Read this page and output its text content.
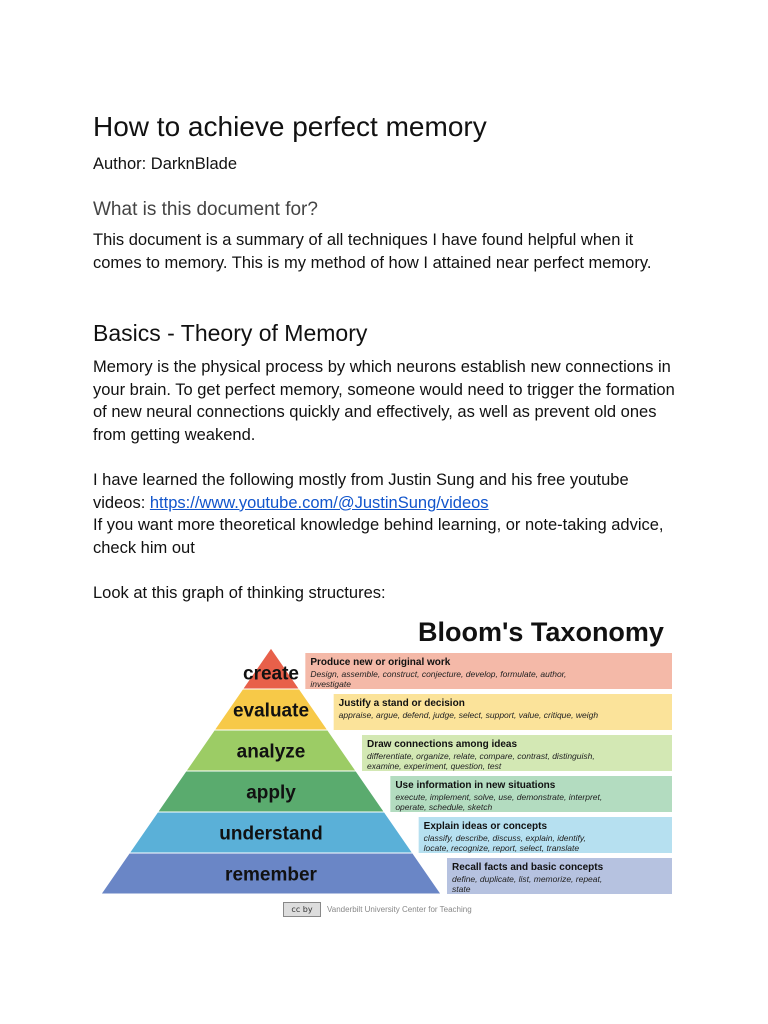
How to achieve perfect memory
Author: DarknBlade
What is this document for?

This document is a summary of all techniques I have found helpful when it comes to memory. This is my method of how I attained near perfect memory.

Basics - Theory of Memory

Memory is the physical process by which neurons establish new connections in your brain. To get perfect memory, someone would need to trigger the formation of new neural connections quickly and effectively, as well as prevent old ones from getting weakend.

I have learned the following mostly from Justin Sung and his free youtube videos: https://www.youtube.com/@JustinSung/videos
If you want more theoretical knowledge behind learning, or note-taking advice, check him out

Look at this graph of thinking structures:

Bloom's Taxonomy
create
evaluate
analyze
apply
understand
remember
Produce new or original work
Design, assemble, construct, conjecture, develop, formulate, author,
investigate
Justify a stand or decision
appraise, argue, defend, judge, select, support, value, critique, weigh
Draw connections among ideas
differentiate, organize, relate, compare, contrast, distinguish,
examine, experiment, question, test
Use information in new situations
execute, implement, solve, use, demonstrate, interpret,
operate, schedule, sketch
Explain ideas or concepts
classify, describe, discuss, explain, identify,
locate, recognize, report, select, translate
Recall facts and basic concepts
define, duplicate, list, memorize, repeat,
state
cc by	Vanderbilt University Center for Teaching
